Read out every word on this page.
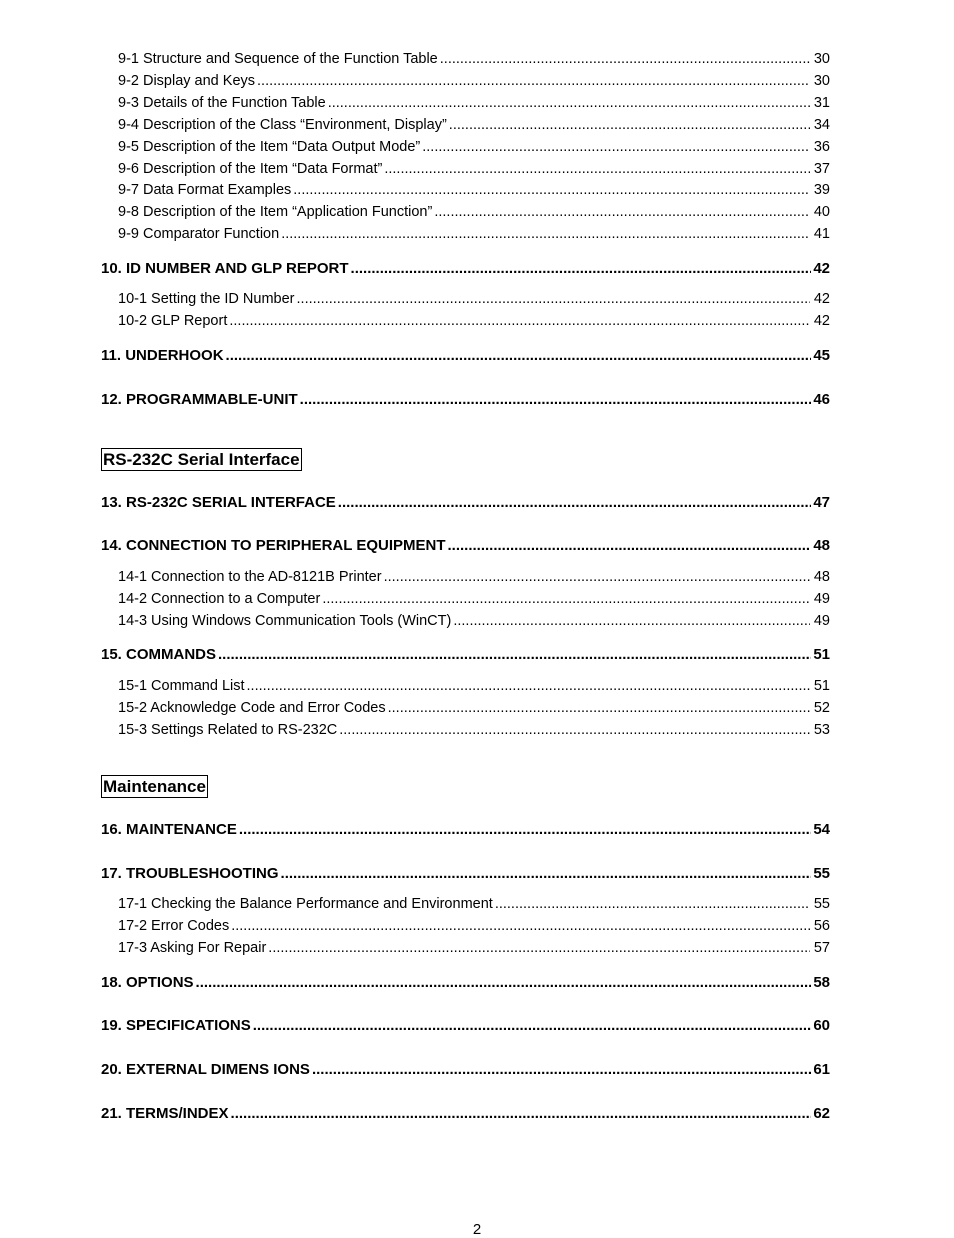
9-1 Structure and Sequence of the Function Table .....	30
9-2 Display and Keys .....	30
9-3 Details of the Function Table .....	31
9-4 Description of the Class “Environment, Display” .....	34
9-5 Description of the Item “Data Output Mode” .....	36
9-6 Description of the Item “Data Format” .....	37
9-7 Data Format Examples .....	39
9-8 Description of the Item “Application Function” .....	40
9-9 Comparator Function .....	41
10. ID NUMBER AND GLP REPORT .....	42
10-1 Setting the ID Number .....	42
10-2 GLP Report .....	42
11. UNDERHOOK .....	45
12. PROGRAMMABLE-UNIT .....	46
RS-232C Serial Interface
13. RS-232C SERIAL INTERFACE .....	47
14. CONNECTION TO PERIPHERAL EQUIPMENT .....	48
14-1 Connection to the AD-8121B Printer .....	48
14-2 Connection to a Computer .....	49
14-3 Using Windows Communication Tools (WinCT) .....	49
15. COMMANDS .....	51
15-1 Command List .....	51
15-2 Acknowledge Code and Error Codes .....	52
15-3 Settings Related to RS-232C .....	53
Maintenance
16. MAINTENANCE .....	54
17. TROUBLESHOOTING .....	55
17-1 Checking the Balance Performance and Environment .....	55
17-2 Error Codes .....	56
17-3 Asking For Repair .....	57
18. OPTIONS .....	58
19. SPECIFICATIONS .....	60
20. EXTERNAL DIMENS IONS .....	61
21. TERMS/INDEX .....	62
2
